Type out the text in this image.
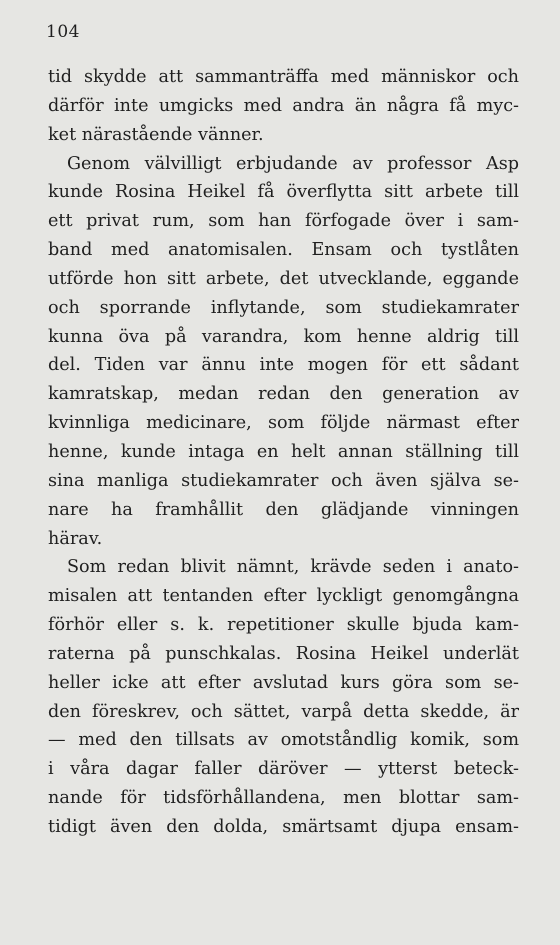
104
tid skydde att sammanträffa med människor och
därför inte umgicks med andra än några få myc-
ket närastående vänner.
Genom välvilligt erbjudande av professor Asp
kunde Rosina Heikel få överflytta sitt arbete till
ett privat rum, som han förfogade över i sam-
band med anatomisalen. Ensam och tystlåten
utförde hon sitt arbete, det utvecklande, eggande
och sporrande inflytande, som studiekamrater
kunna öva på varandra, kom henne aldrig till
del. Tiden var ännu inte mogen för ett sådant
kamratskap, medan redan den generation av
kvinnliga medicinare, som följde närmast efter
henne, kunde intaga en helt annan ställning till
sina manliga studiekamrater och även själva se-
nare ha framhållit den glädjande vinningen
härav.
Som redan blivit nämnt, krävde seden i anato-
misalen att tentanden efter lyckligt genomgångna
förhör eller s. k. repetitioner skulle bjuda kam-
raterna på punschkalas. Rosina Heikel underlät
heller icke att efter avslutad kurs göra som se-
den föreskrev, och sättet, varpå detta skedde, är
— med den tillsats av omotståndlig komik, som
i våra dagar faller däröver — ytterst beteck-
nande för tidsförhållandena, men blottar sam-
tidigt även den dolda, smärtsamt djupa ensam-
